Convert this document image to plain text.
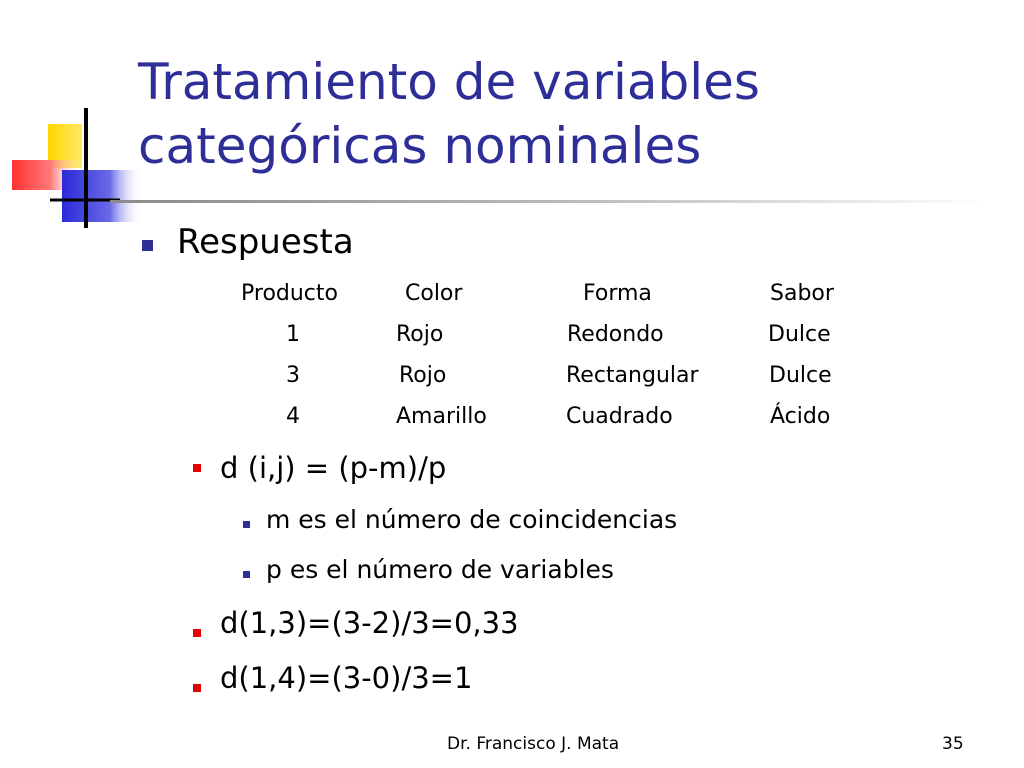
Tratamiento de variables
categóricas nominales
Respuesta
Producto	Color	Forma	Sabor
1	Rojo	Redondo	Dulce
3	Rojo	Rectangular	Dulce
4	Amarillo	Cuadrado	Ácido
d (i,j) = (p-m)/p
m es el número de coincidencias
p es el número de variables
d(1,3)=(3-2)/3=0,33
d(1,4)=(3-0)/3=1
Dr. Francisco J. Mata	35
